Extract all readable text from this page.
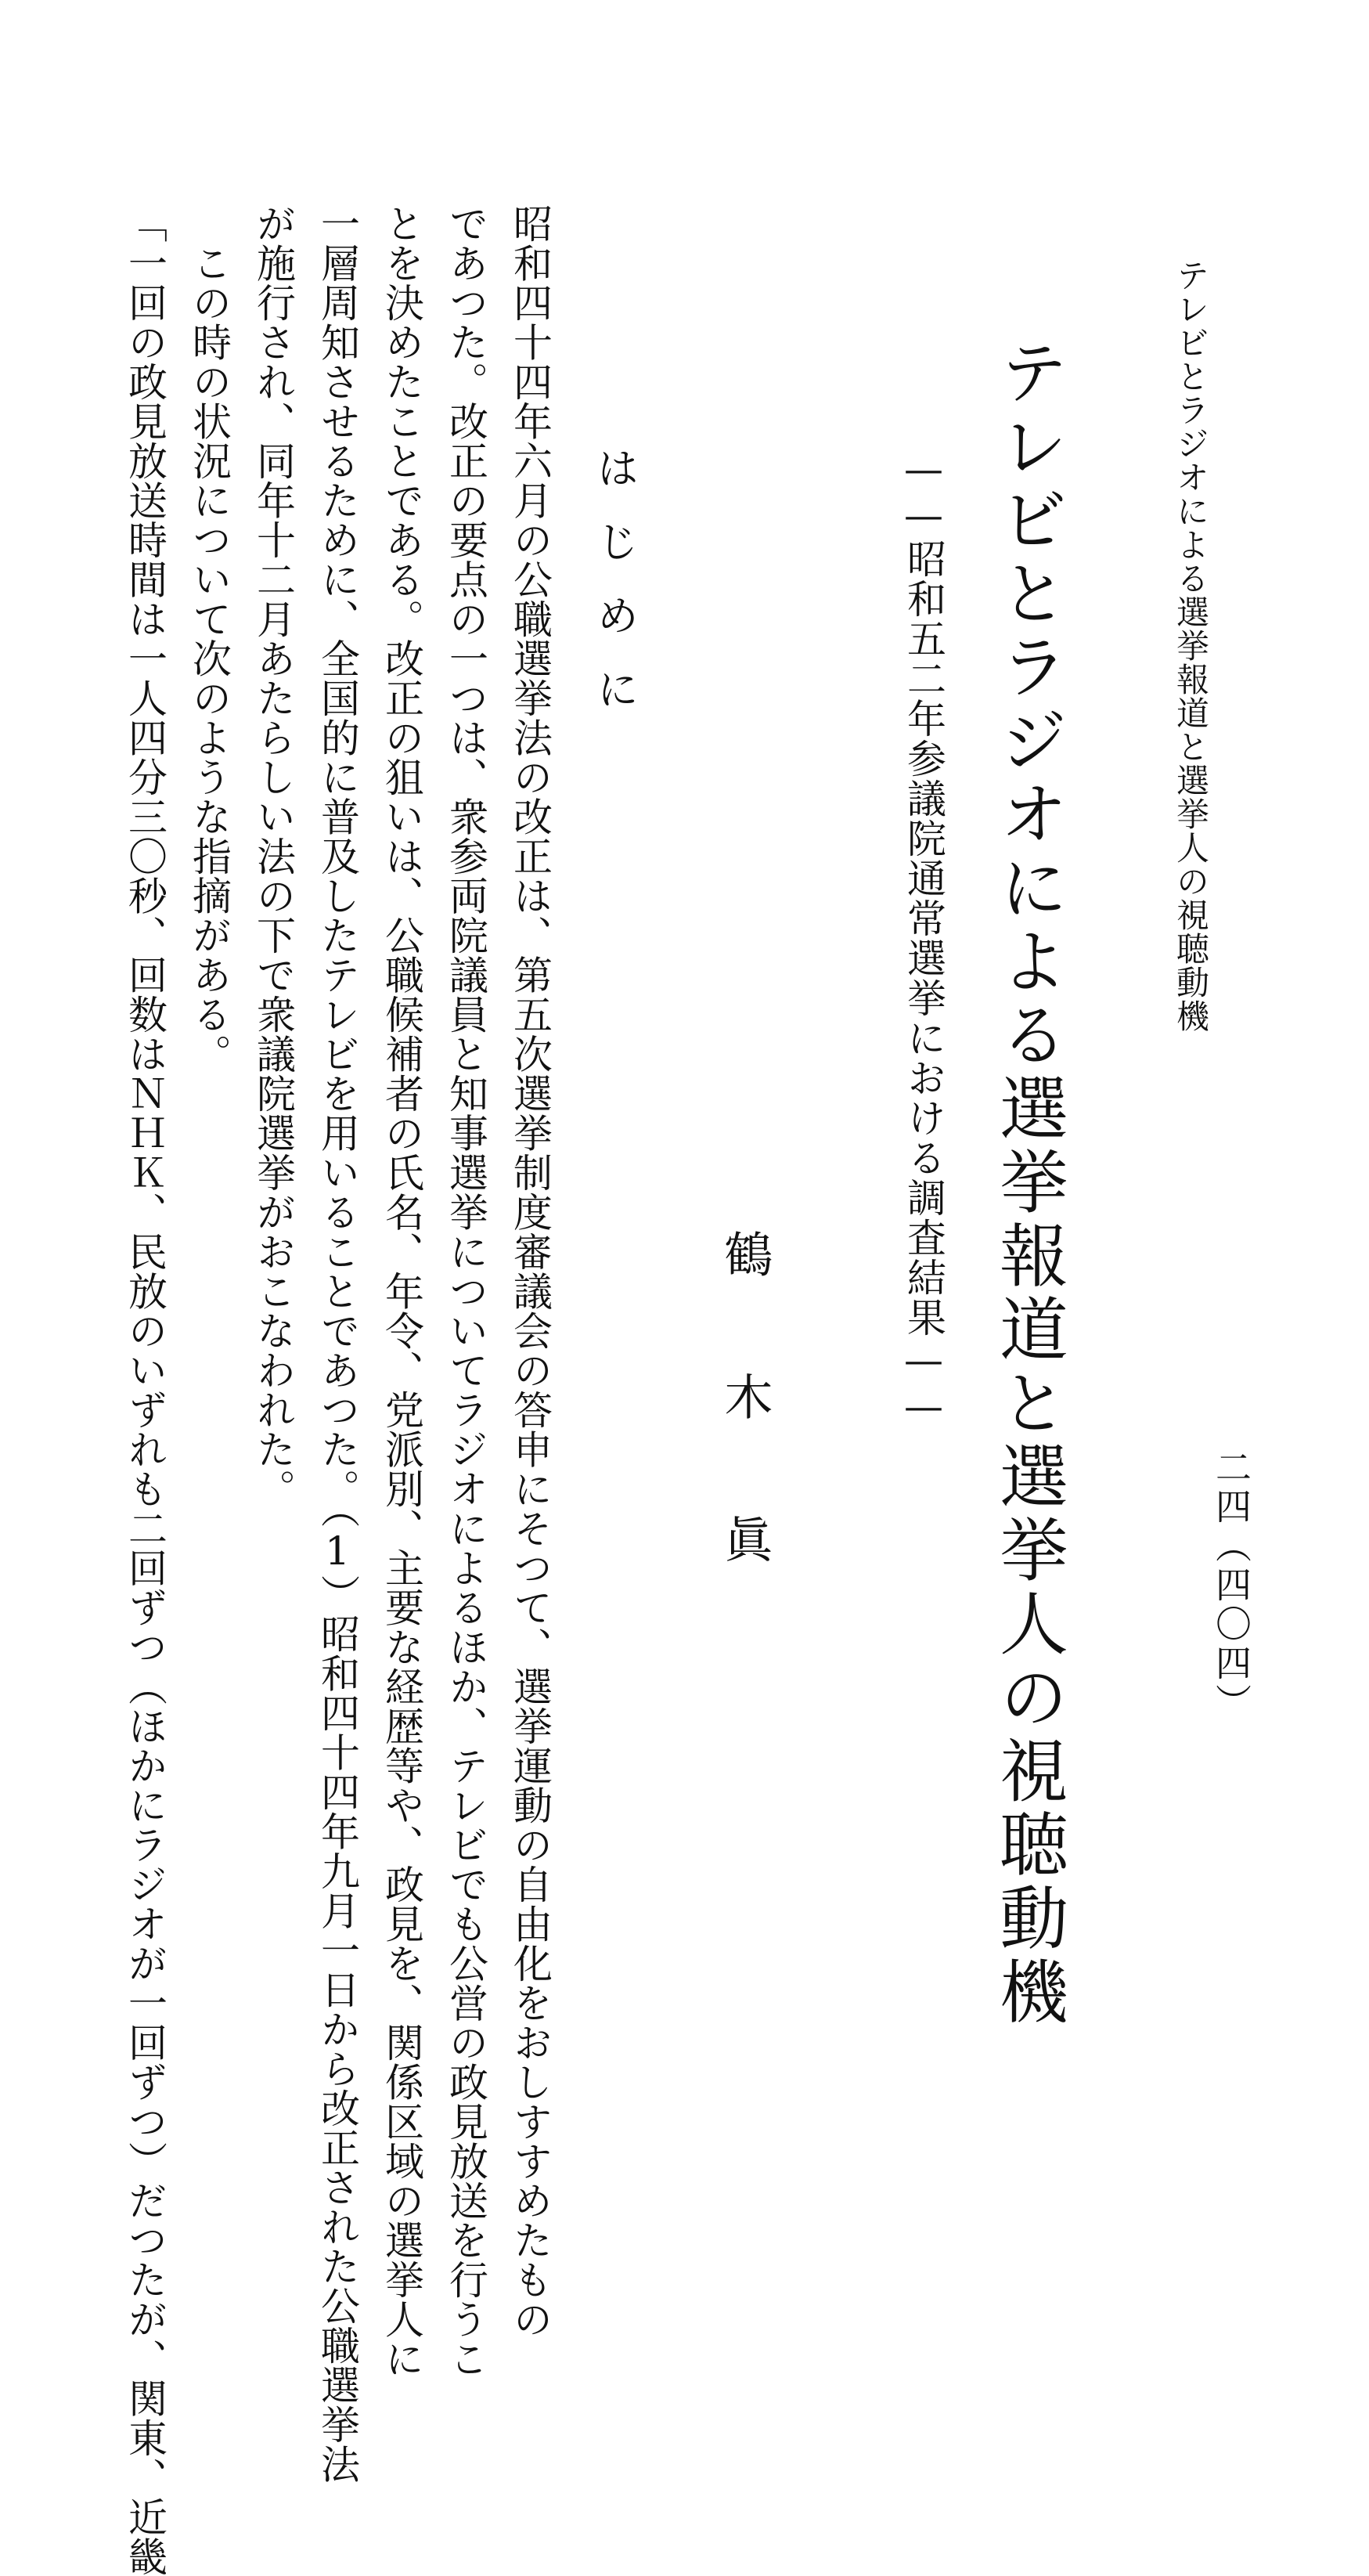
テレビとラジオによる選挙報道と選挙人の視聴動機
二四（四〇四）
テレビとラジオによる選挙報道と選挙人の視聴動機
——昭和五二年参議院通常選挙における調査結果——
鶴木眞
はじめに
昭和四十四年六月の公職選挙法の改正は、第五次選挙制度審議会の答申にそつて、選挙運動の自由化をおしすすめたもの
であつた。改正の要点の一つは、衆参両院議員と知事選挙についてラジオによるほか、テレビでも公営の政見放送を行うこ
とを決めたことである。改正の狙いは、公職候補者の氏名、年令、党派別、主要な経歴等や、政見を、関係区域の選挙人に
一層周知させるために、全国的に普及したテレビを用いることであつた。（1）昭和四十四年九月一日から改正された公職選挙法
が施行され、同年十二月あたらしい法の下で衆議院選挙がおこなわれた。
　この時の状況について次のような指摘がある。
「一回の政見放送時間は一人四分三〇秒、回数はＮＨＫ、民放のいずれも二回ずつ（ほかにラジオが一回ずつ）だつたが、関東、近畿
